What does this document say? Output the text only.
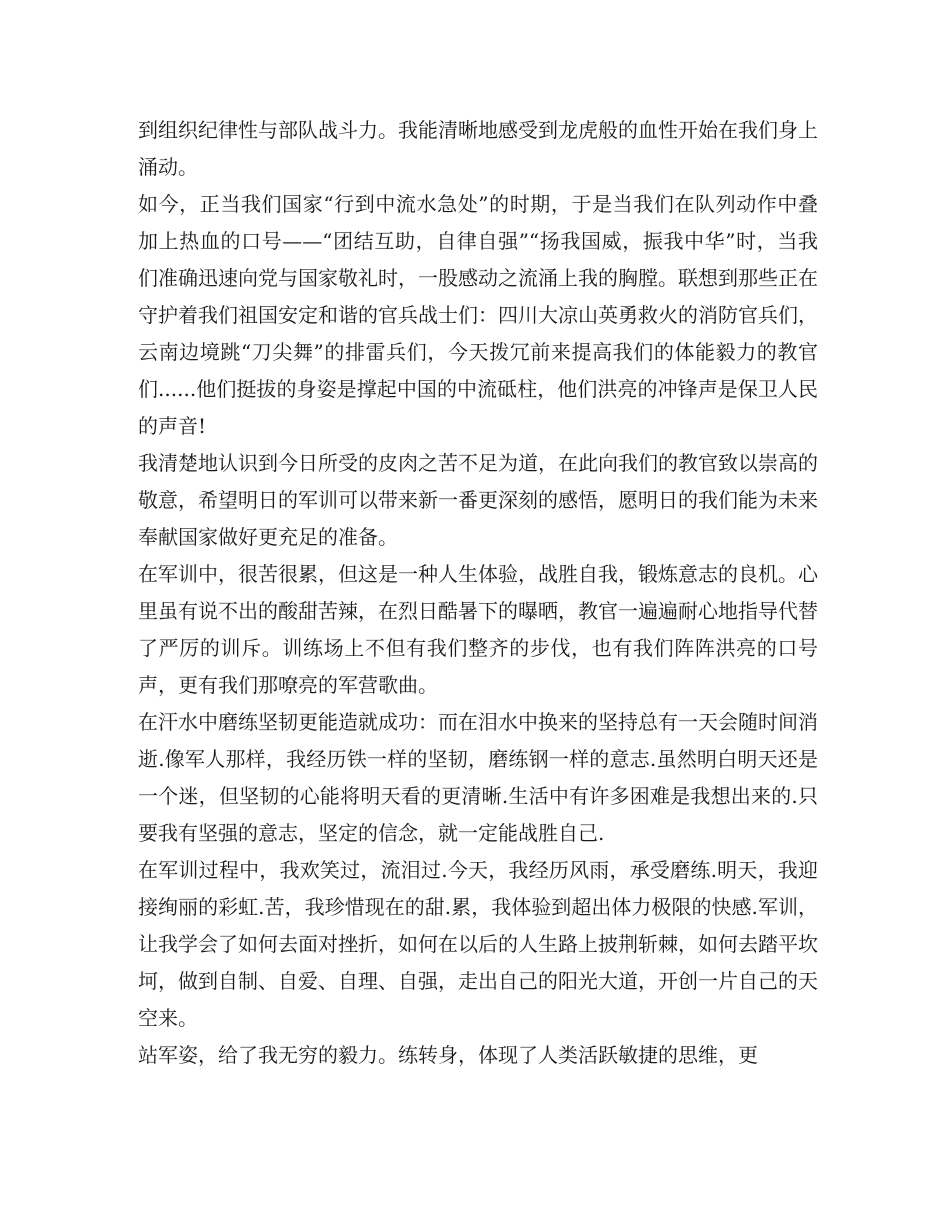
到组织纪律性与部队战斗力。我能清晰地感受到龙虎般的血性开始在我们身上涌动。

如今，正当我们国家“行到中流水急处”的时期，于是当我们在队列动作中叠加上热血的口号——“团结互助，自律自强”“扬我国威，振我中华”时，当我们准确迅速向党与国家敬礼时，一股感动之流涌上我的胸膛。联想到那些正在守护着我们祖国安定和谐的官兵战士们：四川大凉山英勇救火的消防官兵们，云南边境跳“刀尖舞”的排雷兵们，今天拨冗前来提高我们的体能毅力的教官们......他们挺拔的身姿是撑起中国的中流砥柱，他们洪亮的冲锋声是保卫人民的声音!

我清楚地认识到今日所受的皮肉之苦不足为道，在此向我们的教官致以崇高的敬意，希望明日的军训可以带来新一番更深刻的感悟，愿明日的我们能为未来奉献国家做好更充足的准备。

在军训中，很苦很累，但这是一种人生体验，战胜自我，锻炼意志的良机。心里虽有说不出的酸甜苦辣，在烈日酷暑下的曝晒，教官一遍遍耐心地指导代替了严厉的训斥。训练场上不但有我们整齐的步伐，也有我们阵阵洪亮的口号声，更有我们那嘹亮的军营歌曲。

在汗水中磨练坚韧更能造就成功：而在泪水中换来的坚持总有一天会随时间消逝.像军人那样，我经历铁一样的坚韧，磨练钢一样的意志.虽然明白明天还是一个迷，但坚韧的心能将明天看的更清晰.生活中有许多困难是我想出来的.只要我有坚强的意志，坚定的信念，就一定能战胜自己.

在军训过程中，我欢笑过，流泪过.今天，我经历风雨，承受磨练.明天，我迎接绚丽的彩虹.苦，我珍惜现在的甜.累，我体验到超出体力极限的快感.军训，让我学会了如何去面对挫折，如何在以后的人生路上披荆斩棘，如何去踏平坎坷，做到自制、自爱、自理、自强，走出自己的阳光大道，开创一片自己的天空来。

站军姿，给了我无穷的毅力。练转身，体现了人类活跃敏捷的思维，更
